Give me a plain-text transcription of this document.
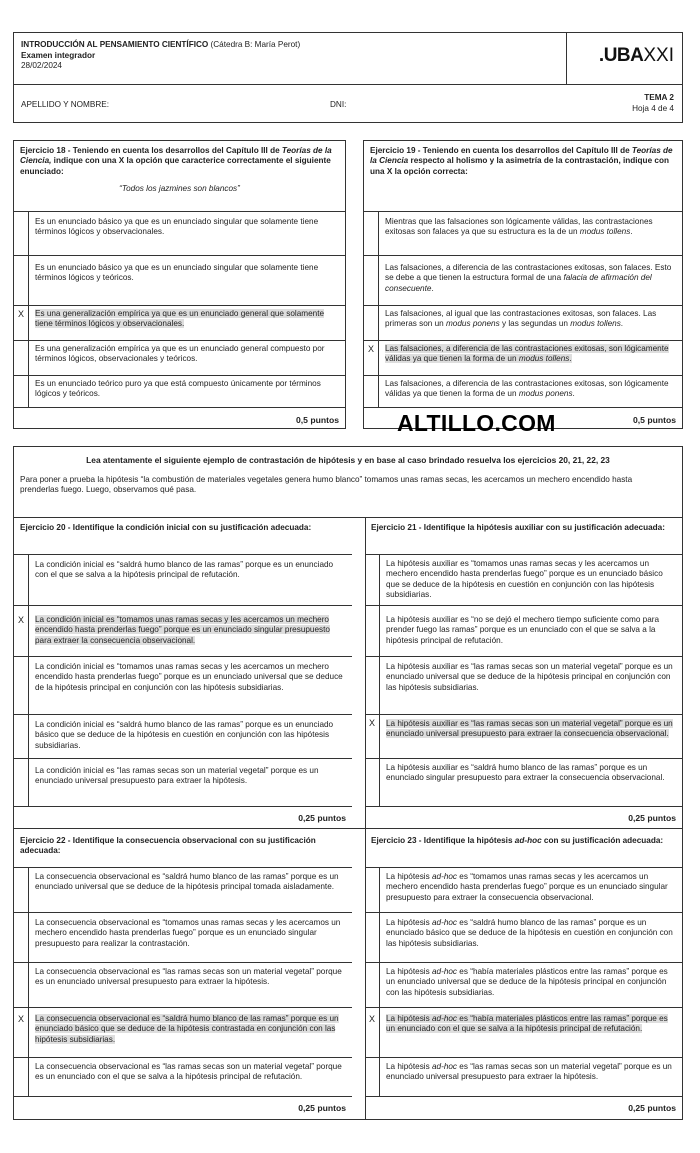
INTRODUCCIÓN AL PENSAMIENTO CIENTÍFICO (Cátedra B: María Perot)
Examen integrador
28/02/2024	.UBAXXI
APELLIDO Y NOMBRE:	DNI:
TEMA 2
Hoja 4 de 4
Ejercicio 18 - Teniendo en cuenta los desarrollos del Capítulo III de Teorías de la Ciencia, indique con una X la opción que caracterice correctamente el siguiente enunciado:
“Todos los jazmines son blancos”
Es un enunciado básico ya que es un enunciado singular que solamente tiene términos lógicos y observacionales.
Es un enunciado básico ya que es un enunciado singular que solamente tiene términos lógicos y teóricos.
X	Es una generalización empírica ya que es un enunciado general que solamente tiene términos lógicos y observacionales.
Es una generalización empírica ya que es un enunciado general compuesto por términos lógicos, observacionales y teóricos.
Es un enunciado teórico puro ya que está compuesto únicamente por términos lógicos y teóricos.
0,5 puntos
Ejercicio 19 - Teniendo en cuenta los desarrollos del Capítulo III de Teorías de la Ciencia respecto al holismo y la asimetría de la contrastación, indique con una X la opción correcta:
Mientras que las falsaciones son lógicamente válidas, las contrastaciones exitosas son falaces ya que su estructura es la de un modus tollens.
Las falsaciones, a diferencia de las contrastaciones exitosas, son falaces. Esto se debe a que tienen la estructura formal de una falacia de afirmación del consecuente.
Las falsaciones, al igual que las contrastaciones exitosas, son falaces. Las primeras son un modus ponens y las segundas un modus tollens.
X	Las falsaciones, a diferencia de las contrastaciones exitosas, son lógicamente válidas ya que tienen la forma de un modus tollens.
Las falsaciones, a diferencia de las contrastaciones exitosas, son lógicamente válidas ya que tienen la forma de un modus ponens.
0,5 puntos
ALTILLO.COM
Lea atentamente el siguiente ejemplo de contrastación de hipótesis y en base al caso brindado resuelva los ejercicios 20, 21, 22, 23
Para poner a prueba la hipótesis “la combustión de materiales vegetales genera humo blanco” tomamos unas ramas secas, les acercamos un mechero encendido hasta prenderlas fuego. Luego, observamos qué pasa.
Ejercicio 20 - Identifique la condición inicial con su justificación adecuada:
La condición inicial es “saldrá humo blanco de las ramas” porque es un enunciado con el que se salva a la hipótesis principal de refutación.
X	La condición inicial es “tomamos unas ramas secas y les acercamos un mechero encendido hasta prenderlas fuego” porque es un enunciado singular presupuesto para extraer la consecuencia observacional.
La condición inicial es “tomamos unas ramas secas y les acercamos un mechero encendido hasta prenderlas fuego” porque es un enunciado universal que se deduce de la hipótesis principal en conjunción con las hipótesis subsidiarias.
La condición inicial es “saldrá humo blanco de las ramas” porque es un enunciado básico que se deduce de la hipótesis en cuestión en conjunción con las hipótesis subsidiarias.
La condición inicial es “las ramas secas son un material vegetal” porque es un enunciado universal presupuesto para extraer la hipótesis.
0,25 puntos
Ejercicio 21 - Identifique la hipótesis auxiliar con su justificación adecuada:
La hipótesis auxiliar es “tomamos unas ramas secas y les acercamos un mechero encendido hasta prenderlas fuego” porque es un enunciado básico que se deduce de la hipótesis en cuestión en conjunción con las hipótesis subsidiarias.
La hipótesis auxiliar es “no se dejó el mechero tiempo suficiente como para prender fuego las ramas” porque es un enunciado con el que se salva a la hipótesis principal de refutación.
La hipótesis auxiliar es “las ramas secas son un material vegetal” porque es un enunciado universal que se deduce de la hipótesis principal en conjunción con las hipótesis subsidiarias.
X	La hipótesis auxiliar es “las ramas secas son un material vegetal” porque es un enunciado universal presupuesto para extraer la consecuencia observacional.
La hipótesis auxiliar es “saldrá humo blanco de las ramas” porque es un enunciado singular presupuesto para extraer la consecuencia observacional.
0,25 puntos
Ejercicio 22 - Identifique la consecuencia observacional con su justificación adecuada:
La consecuencia observacional es “saldrá humo blanco de las ramas” porque es un enunciado universal que se deduce de la hipótesis principal tomada aisladamente.
La consecuencia observacional es “tomamos unas ramas secas y les acercamos un mechero encendido hasta prenderlas fuego” porque es un enunciado singular presupuesto para realizar la contrastación.
La consecuencia observacional es “las ramas secas son un material vegetal” porque es un enunciado universal presupuesto para extraer la hipótesis.
X	La consecuencia observacional es “saldrá humo blanco de las ramas” porque es un enunciado básico que se deduce de la hipótesis contrastada en conjunción con las hipótesis subsidiarias.
La consecuencia observacional es “las ramas secas son un material vegetal” porque es un enunciado con el que se salva a la hipótesis principal de refutación.
0,25 puntos
Ejercicio 23 - Identifique la hipótesis ad-hoc con su justificación adecuada:
La hipótesis ad-hoc es “tomamos unas ramas secas y les acercamos un mechero encendido hasta prenderlas fuego” porque es un enunciado singular presupuesto para extraer la consecuencia observacional.
La hipótesis ad-hoc es “saldrá humo blanco de las ramas” porque es un enunciado básico que se deduce de la hipótesis en cuestión en conjunción con las hipótesis subsidiarias.
La hipótesis ad-hoc es “había materiales plásticos entre las ramas” porque es un enunciado universal que se deduce de la hipótesis principal en conjunción con las hipótesis subsidiarias.
X	La hipótesis ad-hoc es “había materiales plásticos entre las ramas” porque es un enunciado con el que se salva a la hipótesis principal de refutación.
La hipótesis ad-hoc es “las ramas secas son un material vegetal” porque es un enunciado universal presupuesto para extraer la hipótesis.
0,25 puntos
